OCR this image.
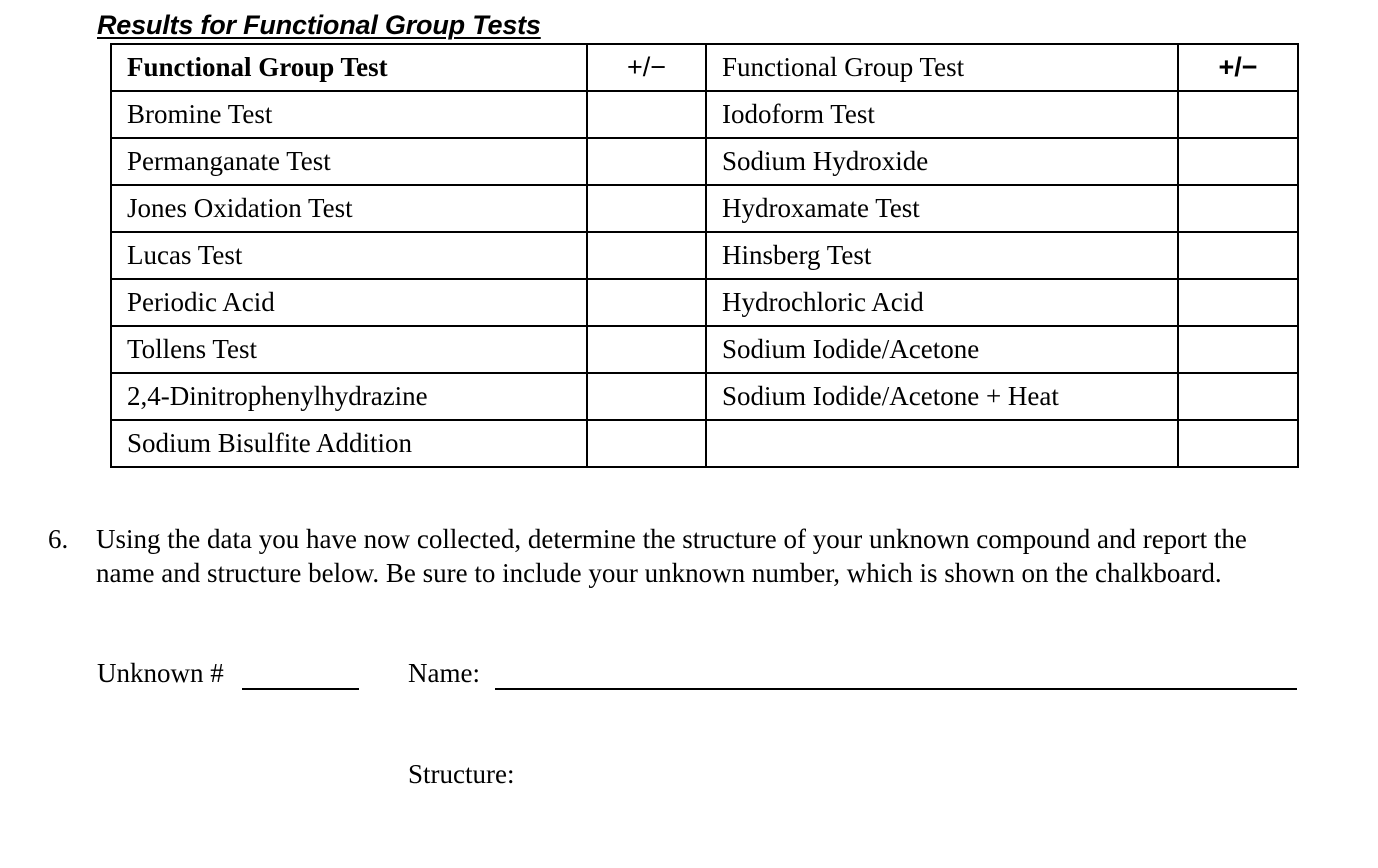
Results for Functional Group Tests
Functional Group Test	+/−	Functional Group Test	+/−
Bromine Test		Iodoform Test	
Permanganate Test		Sodium Hydroxide	
Jones Oxidation Test		Hydroxamate Test	
Lucas Test		Hinsberg Test	
Periodic Acid		Hydrochloric Acid	
Tollens Test		Sodium Iodide/Acetone	
2,4-Dinitrophenylhydrazine		Sodium Iodide/Acetone + Heat	
Sodium Bisulfite Addition			
6. Using the data you have now collected, determine the structure of your unknown compound and report the name and structure below. Be sure to include your unknown number, which is shown on the chalkboard.
Unknown #	Name:
Structure:
